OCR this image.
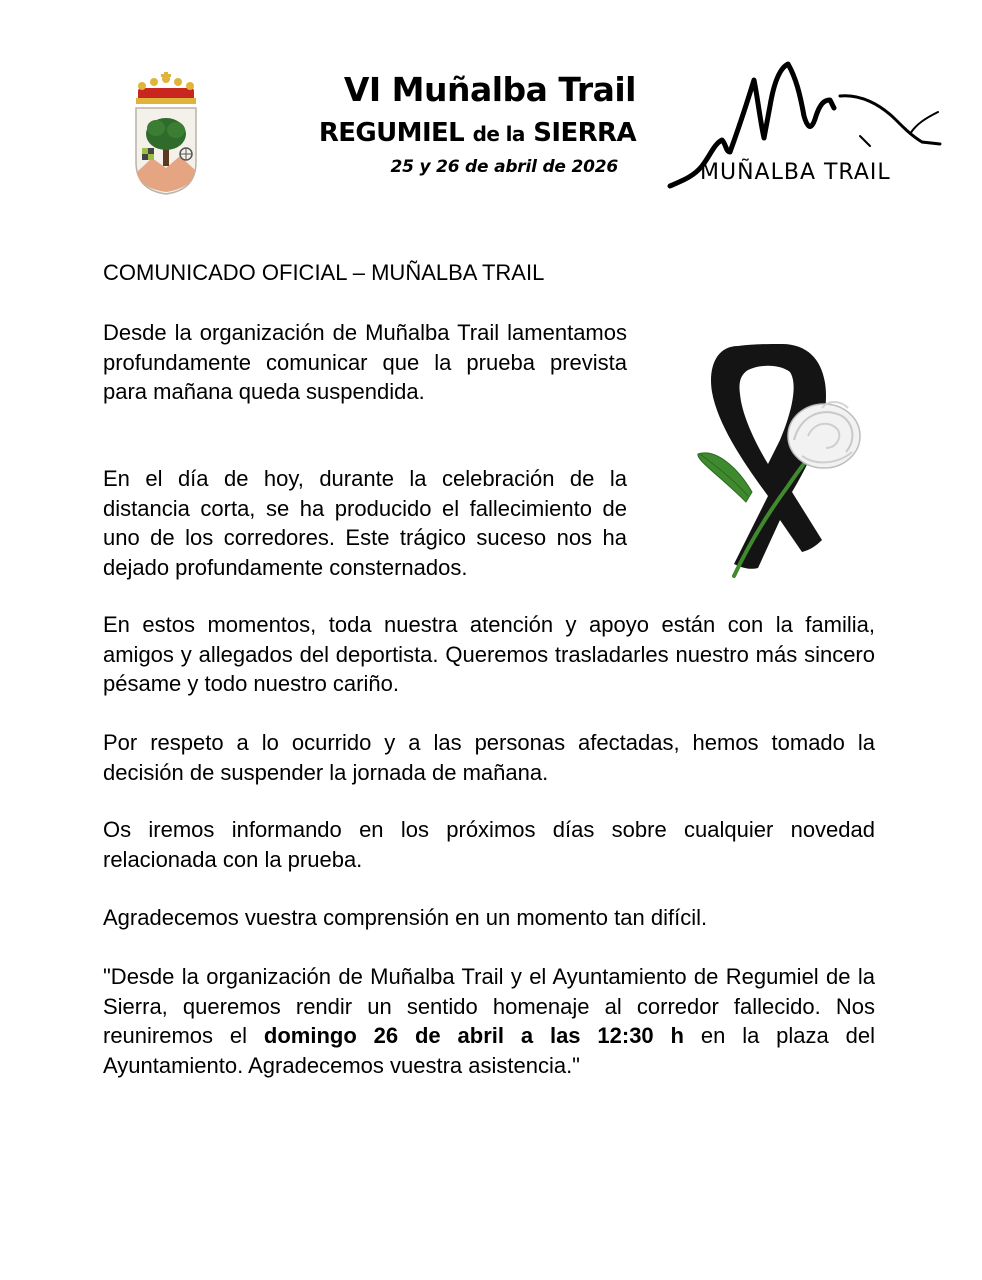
VI Muñalba Trail
REGUMIEL de la SIERRA
25 y 26 de abril de 2026	MUÑALBA TRAIL
COMUNICADO OFICIAL – MUÑALBA TRAIL

Desde la organización de Muñalba Trail lamentamos profundamente comunicar que la prueba prevista para mañana queda suspendida.

En el día de hoy, durante la celebración de la distancia corta, se ha producido el fallecimiento de uno de los corredores. Este trágico suceso nos ha dejado profundamente consternados.

En estos momentos, toda nuestra atención y apoyo están con la familia, amigos y allegados del deportista. Queremos trasladarles nuestro más sincero pésame y todo nuestro cariño.

Por respeto a lo ocurrido y a las personas afectadas, hemos tomado la decisión de suspender la jornada de mañana.

Os iremos informando en los próximos días sobre cualquier novedad relacionada con la prueba.

Agradecemos vuestra comprensión en un momento tan difícil.

"Desde la organización de Muñalba Trail y el Ayuntamiento de Regumiel de la Sierra, queremos rendir un sentido homenaje al corredor fallecido. Nos reuniremos el domingo 26 de abril a las 12:30 h en la plaza del Ayuntamiento. Agradecemos vuestra asistencia."
